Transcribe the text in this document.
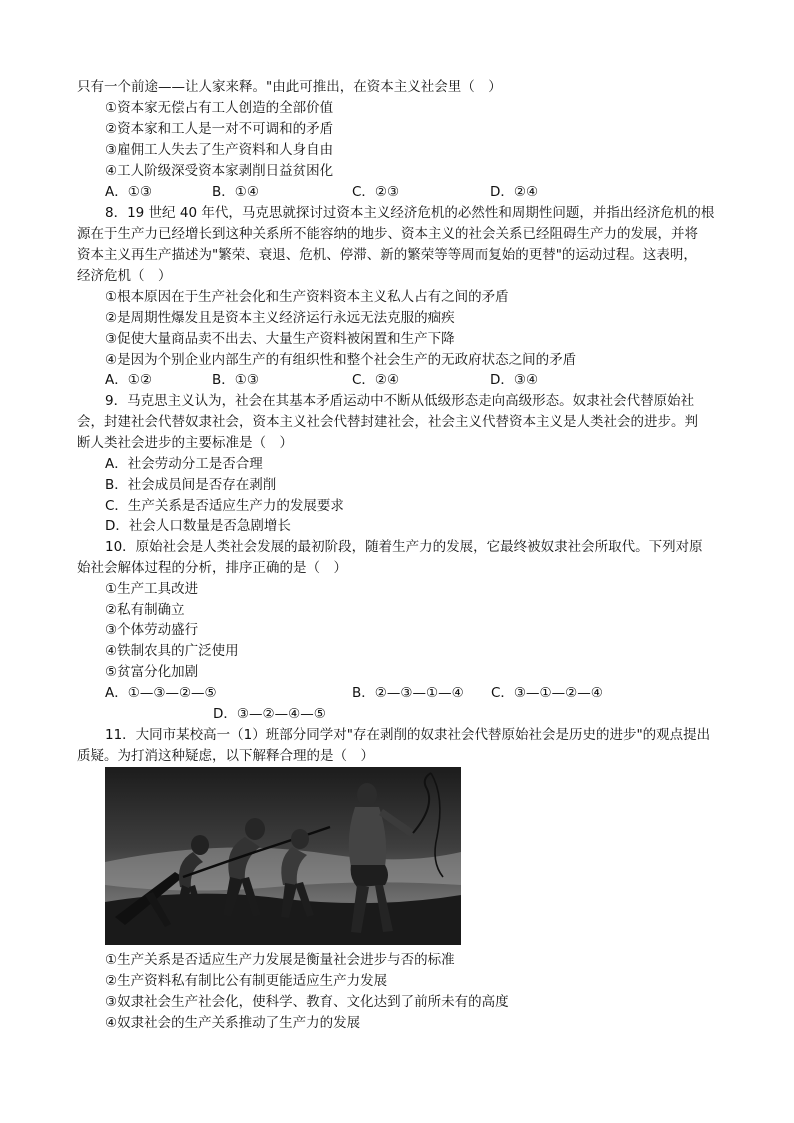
只有一个前途——让人家来释。"由此可推出，在资本主义社会里（　）
①资本家无偿占有工人创造的全部价值
②资本家和工人是一对不可调和的矛盾
③雇佣工人失去了生产资料和人身自由
④工人阶级深受资本家剥削日益贫困化
A．①③	B．①④	C．②③	D．②④
8．19 世纪 40 年代，马克思就探讨过资本主义经济危机的必然性和周期性问题，并指出经济危机的根
源在于生产力已经增长到这种关系所不能容纳的地步、资本主义的社会关系已经阻碍生产力的发展，并将
资本主义再生产描述为"繁荣、衰退、危机、停滞、新的繁荣等等周而复始的更替"的运动过程。这表明，
经济危机（　）
①根本原因在于生产社会化和生产资料资本主义私人占有之间的矛盾
②是周期性爆发且是资本主义经济运行永远无法克服的痼疾
③促使大量商品卖不出去、大量生产资料被闲置和生产下降
④是因为个别企业内部生产的有组织性和整个社会生产的无政府状态之间的矛盾
A．①②	B．①③	C．②④	D．③④
9．马克思主义认为，社会在其基本矛盾运动中不断从低级形态走向高级形态。奴隶社会代替原始社
会，封建社会代替奴隶社会，资本主义社会代替封建社会，社会主义代替资本主义是人类社会的进步。判
断人类社会进步的主要标准是（　）
A．社会劳动分工是否合理
B．社会成员间是否存在剥削
C．生产关系是否适应生产力的发展要求
D．社会人口数量是否急剧增长
10．原始社会是人类社会发展的最初阶段，随着生产力的发展，它最终被奴隶社会所取代。下列对原
始社会解体过程的分析，排序正确的是（　）
①生产工具改进
②私有制确立
③个体劳动盛行
④铁制农具的广泛使用
⑤贫富分化加剧
A．①—③—②—⑤	B．②—③—①—④ C．③—①—②—④
D．③—②—④—⑤
11．大同市某校高一（1）班部分同学对"存在剥削的奴隶社会代替原始社会是历史的进步"的观点提出
质疑。为打消这种疑虑，以下解释合理的是（　）
①生产关系是否适应生产力发展是衡量社会进步与否的标准
②生产资料私有制比公有制更能适应生产力发展
③奴隶社会生产社会化，使科学、教育、文化达到了前所未有的高度
④奴隶社会的生产关系推动了生产力的发展
